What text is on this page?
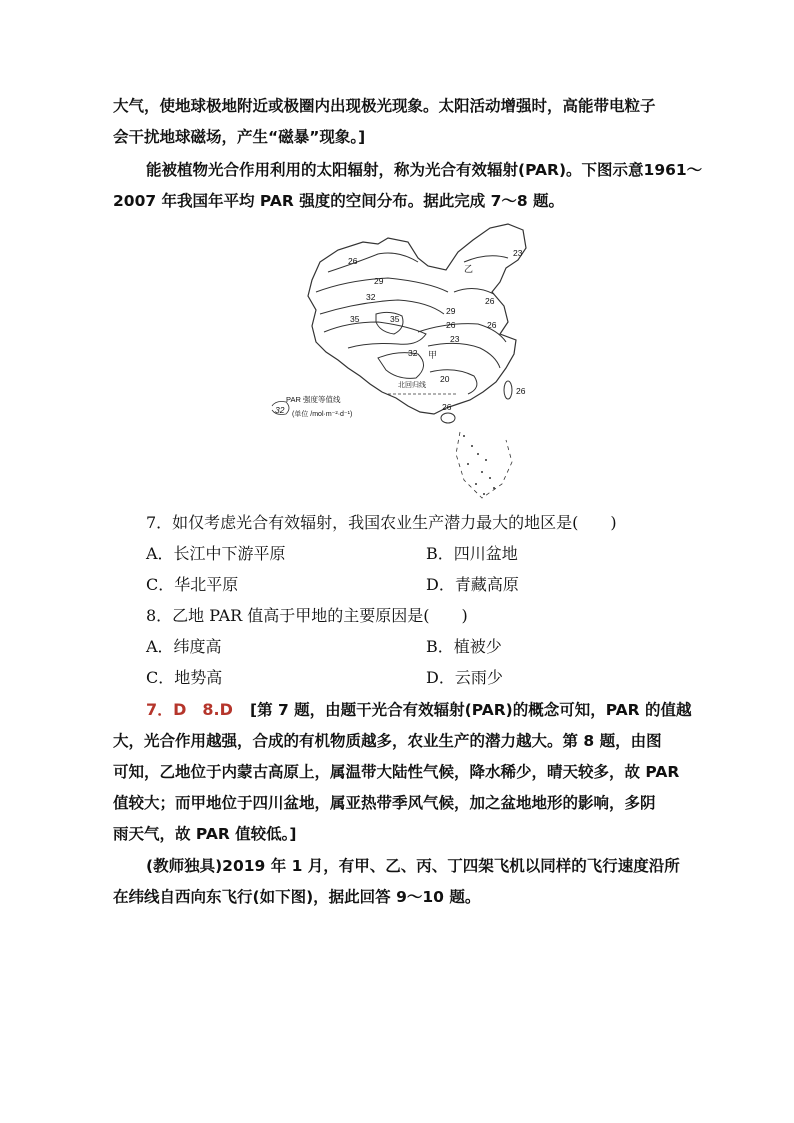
大气，使地球极地附近或极圈内出现极光现象。太阳活动增强时，高能带电粒子
会干扰地球磁场，产生“磁暴”现象。]
能被植物光合作用利用的太阳辐射，称为光合有效辐射(PAR)。下图示意1961～
2007 年我国年平均 PAR 强度的空间分布。据此完成 7～8 题。
26
29
32
35	35
23
26
29
26
23
32
20
26
26
26
甲
乙
北回归线
32
PAR 强度等值线
(单位 /mol·m⁻²·d⁻¹)
7．如仅考虑光合有效辐射，我国农业生产潜力最大的地区是(　　)
A．长江中下游平原	B．四川盆地
C．华北平原	D．青藏高原
8．乙地 PAR 值高于甲地的主要原因是(　　)
A．纬度高	B．植被少
C．地势高	D．云雨少
7．D　8.D [第 7 题，由题干光合有效辐射(PAR)的概念可知，PAR 的值越
大，光合作用越强，合成的有机物质越多，农业生产的潜力越大。第 8 题，由图
可知，乙地位于内蒙古高原上，属温带大陆性气候，降水稀少，晴天较多，故 PAR
值较大；而甲地位于四川盆地，属亚热带季风气候，加之盆地地形的影响，多阴
雨天气，故 PAR 值较低。]
(教师独具)2019 年 1 月，有甲、乙、丙、丁四架飞机以同样的飞行速度沿所
在纬线自西向东飞行(如下图)，据此回答 9～10 题。
